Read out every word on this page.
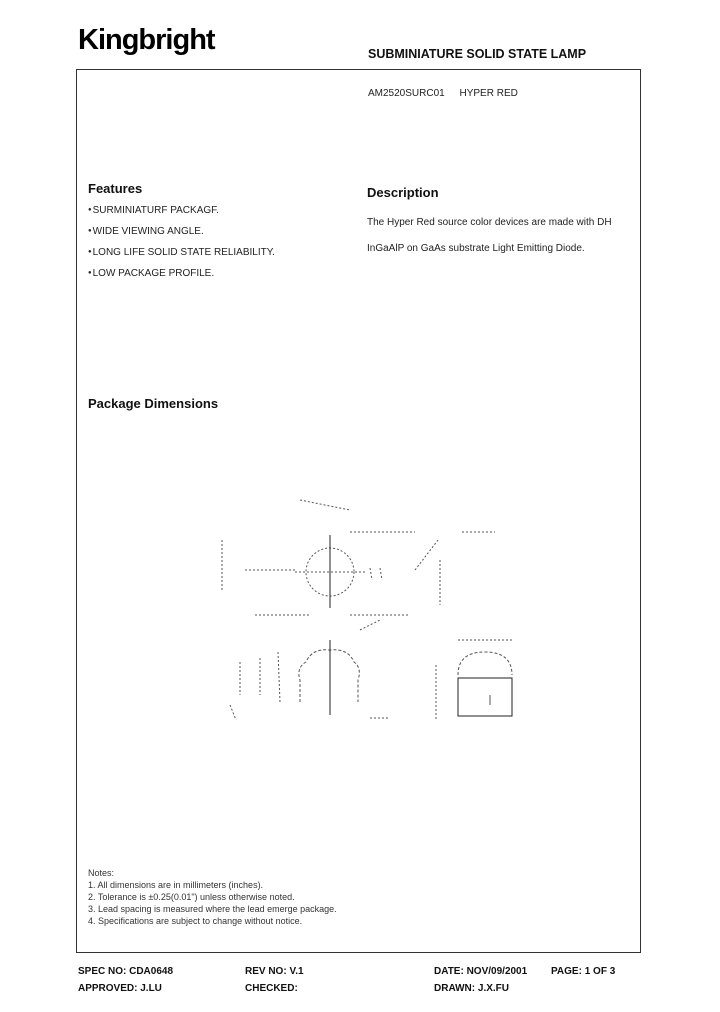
Kingbright	SUBMINIATURE SOLID STATE LAMP
AM2520SURC01 HYPER RED
Features
● SURMINIATURF PACKAGF.
● WIDE VIEWING ANGLE.
● LONG LIFE SOLID STATE RELIABILITY.
● LOW PACKAGE PROFILE.
Description
The Hyper Red source color devices are made with DH
InGaAlP on GaAs substrate Light Emitting Diode.
Package Dimensions
Notes:
1. All dimensions are in millimeters (inches).
2. Tolerance is ±0.25(0.01") unless otherwise noted.
3. Lead spacing is measured where the lead emerge package.
4. Specifications are subject to change without notice.
SPEC NO: CDA0648	REV NO: V.1	DATE: NOV/09/2001 PAGE: 1 OF 3
APPROVED: J.LU	CHECKED:	DRAWN: J.X.FU
